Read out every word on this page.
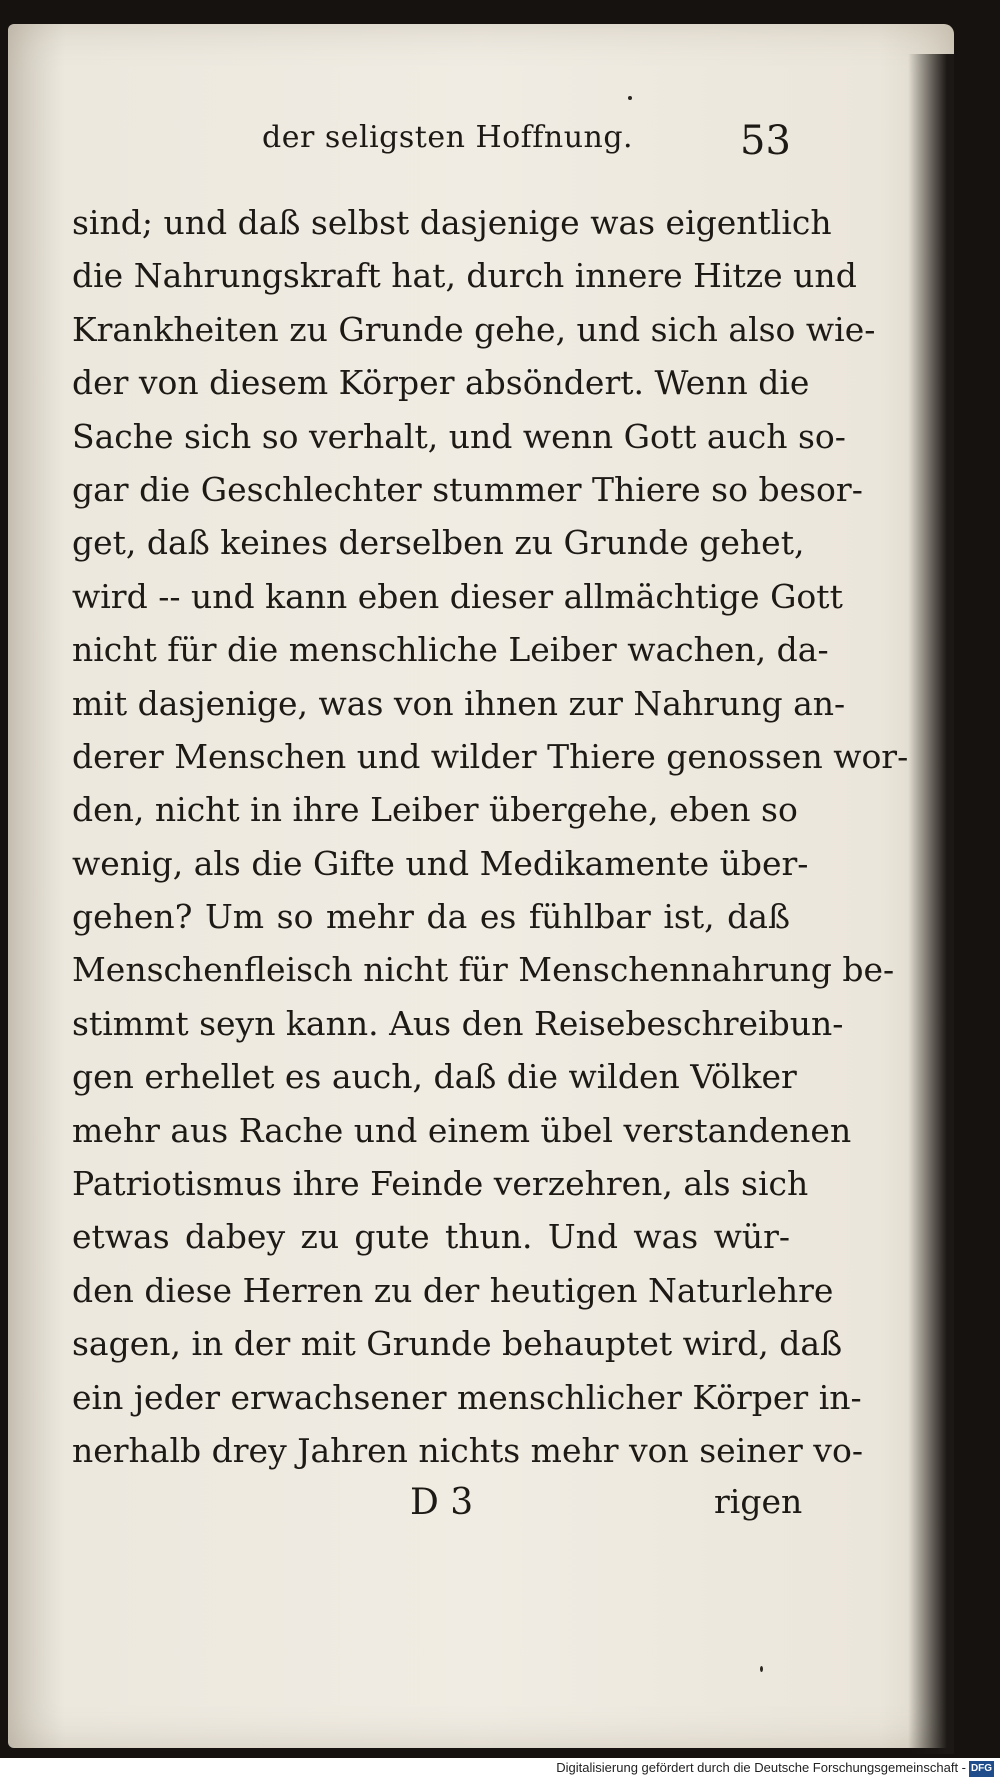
der seligsten Hoffnung.	53
sind; und daß selbst dasjenige was eigentlich
die Nahrungskraft hat, durch innere Hitze und
Krankheiten zu Grunde gehe, und sich also wie-
der von diesem Körper absöndert. Wenn die
Sache sich so verhalt, und wenn Gott auch so-
gar die Geschlechter stummer Thiere so besor-
get, daß keines derselben zu Grunde gehet,
wird -- und kann eben dieser allmächtige Gott
nicht für die menschliche Leiber wachen, da-
mit dasjenige, was von ihnen zur Nahrung an-
derer Menschen und wilder Thiere genossen wor-
den, nicht in ihre Leiber übergehe, eben so
wenig, als die Gifte und Medikamente über-
gehen? Um so mehr da es fühlbar ist, daß
Menschenfleisch nicht für Menschennahrung be-
stimmt seyn kann. Aus den Reisebeschreibun-
gen erhellet es auch, daß die wilden Völker
mehr aus Rache und einem übel verstandenen
Patriotismus ihre Feinde verzehren, als sich
etwas dabey zu gute thun. Und was wür-
den diese Herren zu der heutigen Naturlehre
sagen, in der mit Grunde behauptet wird, daß
ein jeder erwachsener menschlicher Körper in-
nerhalb drey Jahren nichts mehr von seiner vo-
D 3	rigen
Digitalisierung gefördert durch die Deutsche Forschungsgemeinschaft - DFG
